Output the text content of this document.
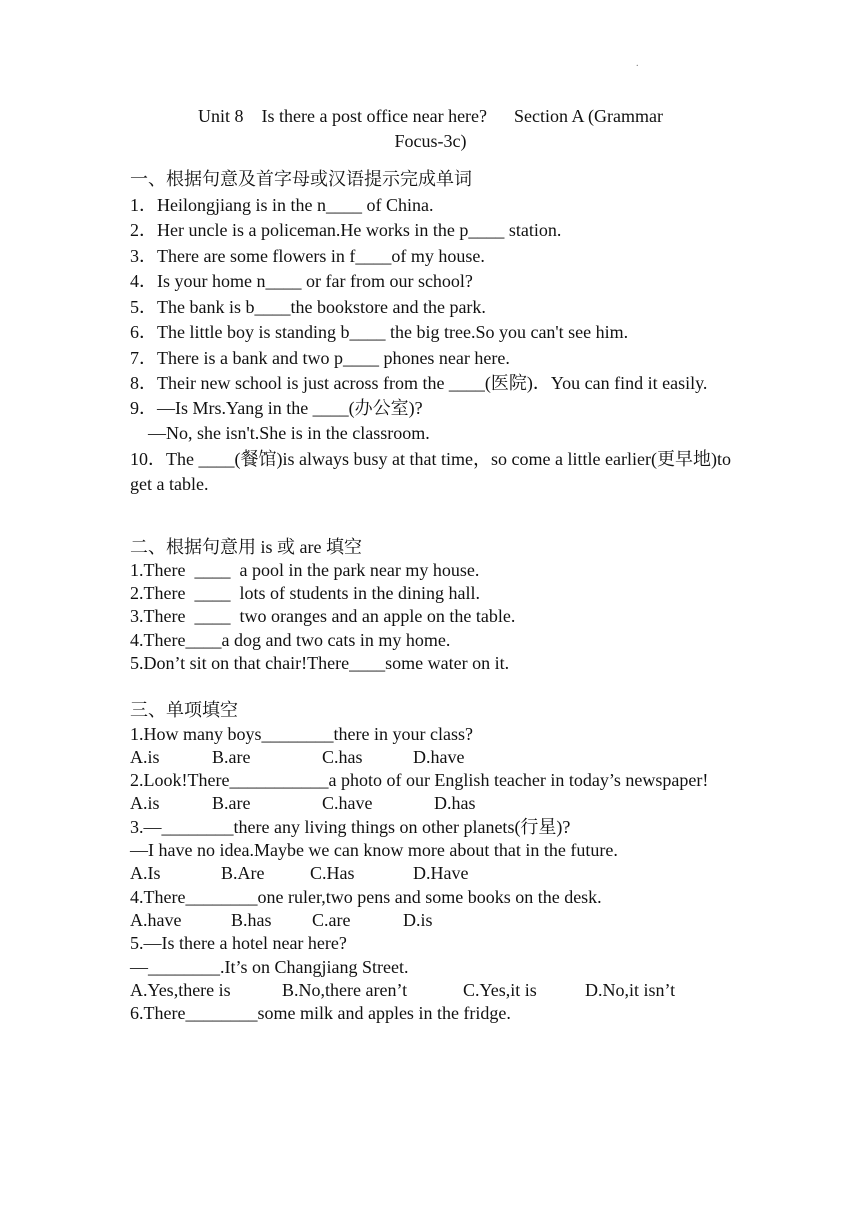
.
Unit 8    Is there a post office near here?      Section A (Grammar
Focus-3c)

一、根据句意及首字母或汉语提示完成单词

1．Heilongjiang is in the n____ of China.

2．Her uncle is a policeman.He works in the p____ station.

3．There are some flowers in f____of my house.

4．Is your home n____ or far from our school?

5．The bank is b____the bookstore and the park.

6．The little boy is standing b____ the big tree.So you can't see him.

7．There is a bank and two p____ phones near here.

8．Their new school is just across from the ____(医院)．You can find it easily.

9．—Is Mrs.Yang in the ____(办公室)?

—No, she isn't.She is in the classroom.

10．The ____(餐馆)is always busy at that time，so come a little earlier(更早地)to get a table.

二、根据句意用 is 或 are 填空

1.There  ____  a pool in the park near my house.

2.There  ____  lots of students in the dining hall.

3.There  ____  two oranges and an apple on the table.

4.There____a dog and two cats in my home.

5.Don’t sit on that chair!There____some water on it.

三、单项填空

1.How many boys________there in your class?

A.is	B.are	C.has	D.have

2.Look!There___________a photo of our English teacher in today’s newspaper!

A.is	B.are	C.have	D.has

3.—________there any living things on other planets(行星)?

—I have no idea.Maybe we can know more about that in the future.

A.Is	B.Are	C.Has	D.Have

4.There________one ruler,two pens and some books on the desk.

A.have	B.has	C.are	D.is

5.—Is there a hotel near here?

—________.It’s on Changjiang Street.

A.Yes,there is	B.No,there aren’t	C.Yes,it is	D.No,it isn’t

6.There________some milk and apples in the fridge.
